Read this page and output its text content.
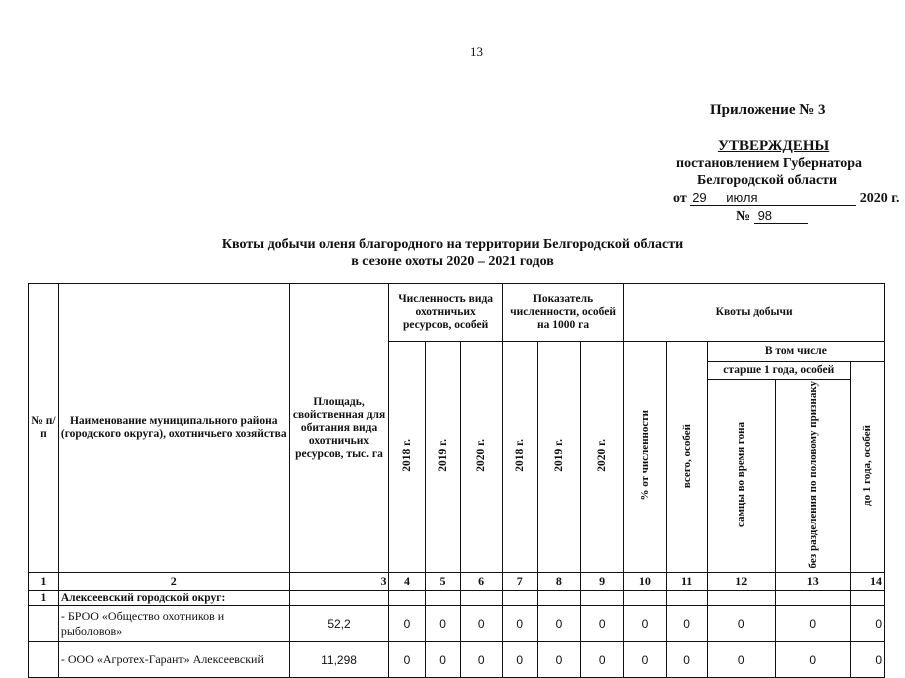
13
Приложение № 3
УТВЕРЖДЕНЫ
постановлением Губернатора
Белгородской области
от 29 июля	2020 г.
№ 98
Квоты добычи оленя благородного на территории Белгородской области
в сезоне охоты 2020 – 2021 годов
№ п/п	Наименование муниципального района (городского округа), охотничьего хозяйства	Площадь, свойственная для обитания вида охотничьих ресурсов, тыс. га	Численность вида охотничьих ресурсов, особей			Показатель численности, особей на 1000 га			Квоты добычи				
			2018 г.	2019 г.	2020 г.	2018 г.	2019 г.	2020 г.	% от численности	всего, особей	В том числе		
											старше 1 года, особей		до 1 года, особей
											самцы во время гона	без разделения по половому признаку	
1	2	3	4	5	6	7	8	9	10	11	12	13	14
1	Алексеевский городской округ:												
	- БРОО «Общество охотников и рыболовов»	52,2	0	0	0	0	0	0	0	0	0	0	0
	- ООО «Агротех-Гарант» Алексеевский	11,298	0	0	0	0	0	0	0	0	0	0	0
